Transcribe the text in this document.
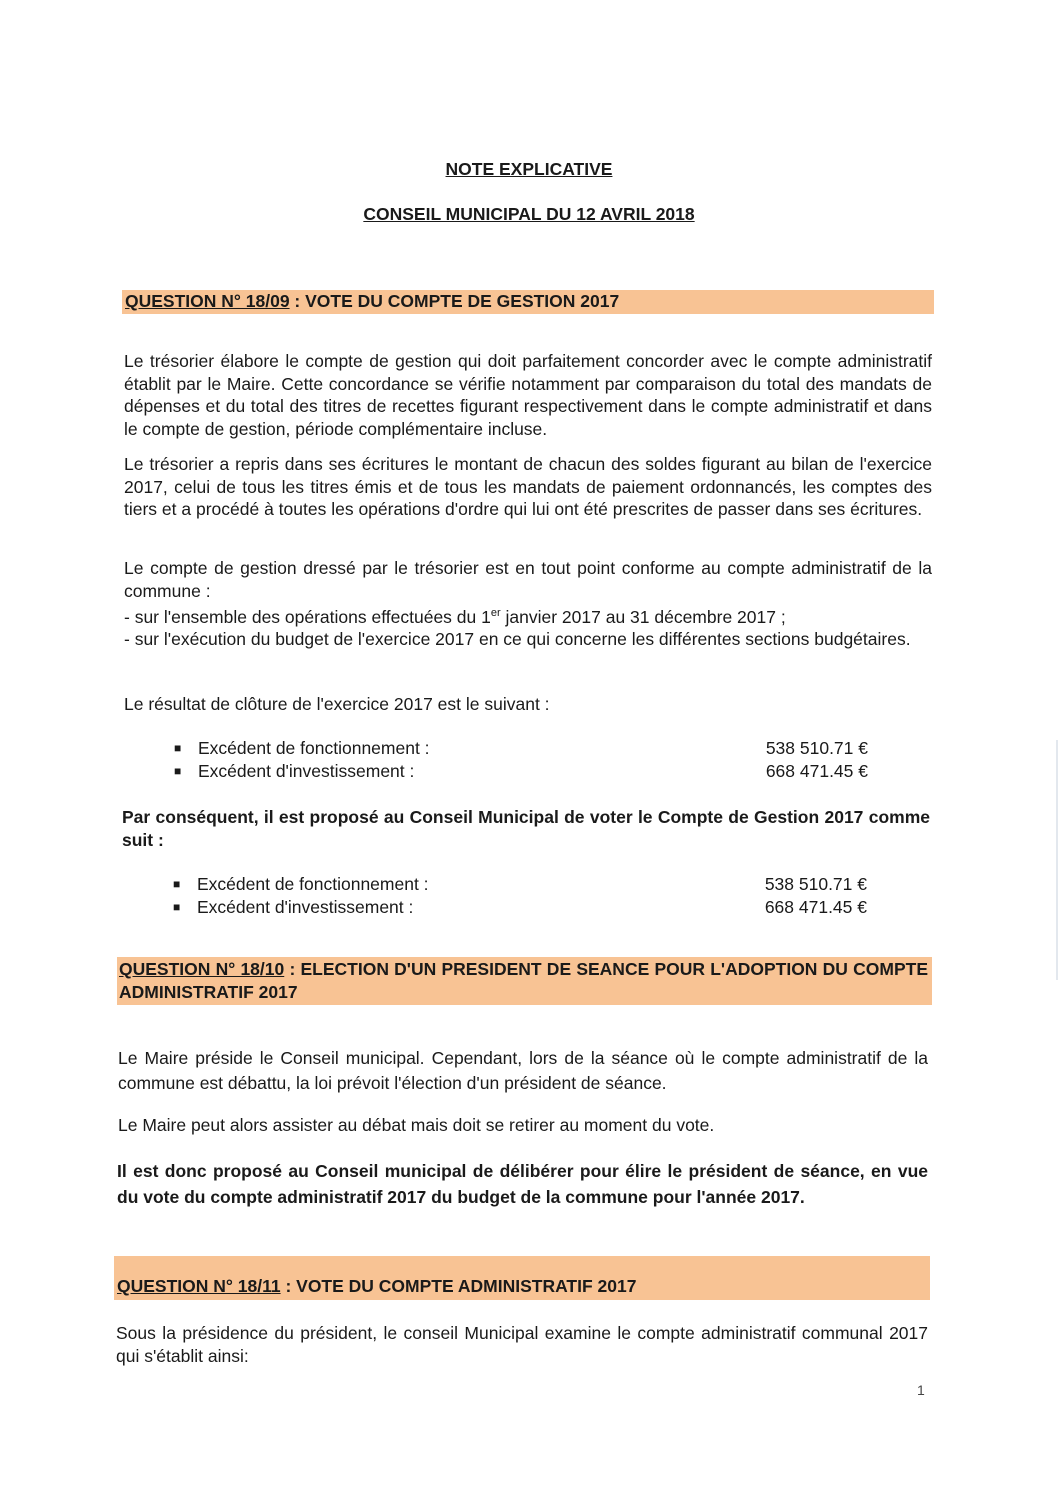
NOTE EXPLICATIVE
CONSEIL MUNICIPAL DU 12 AVRIL 2018
QUESTION N° 18/09 : VOTE DU COMPTE DE GESTION 2017

Le trésorier élabore le compte de gestion qui doit parfaitement concorder avec le compte administratif établit par le Maire. Cette concordance se vérifie notamment par comparaison du total des mandats de dépenses et du total des titres de recettes figurant respectivement dans le compte administratif et dans le compte de gestion, période complémentaire incluse.

Le trésorier a repris dans ses écritures le montant de chacun des soldes figurant au bilan de l'exercice 2017, celui de tous les titres émis et de tous les mandats de paiement ordonnancés, les comptes des tiers et a procédé à toutes les opérations d'ordre qui lui ont été prescrites de passer dans ses écritures.

Le compte de gestion dressé par le trésorier est en tout point conforme au compte administratif de la commune :

- sur l'ensemble des opérations effectuées du 1er janvier 2017 au 31 décembre 2017 ;

- sur l'exécution du budget de l'exercice 2017 en ce qui concerne les différentes sections budgétaires.

Le résultat de clôture de l'exercice 2017 est le suivant :

■ Excédent de fonctionnement :	538 510.71 €
■ Excédent d'investissement :	668 471.45 €

Par conséquent, il est proposé au Conseil Municipal de voter le Compte de Gestion 2017 comme suit :

■ Excédent de fonctionnement :	538 510.71 €
■ Excédent d'investissement :	668 471.45 €
QUESTION N° 18/10 : ELECTION D'UN PRESIDENT DE SEANCE POUR L'ADOPTION DU COMPTE ADMINISTRATIF 2017

Le Maire préside le Conseil municipal. Cependant, lors de la séance où le compte administratif de la commune est débattu, la loi prévoit l'élection d'un président de séance.

Le Maire peut alors assister au débat mais doit se retirer au moment du vote.

Il est donc proposé au Conseil municipal de délibérer pour élire le président de séance, en vue du vote du compte administratif 2017 du budget de la commune pour l'année 2017.

QUESTION N° 18/11 : VOTE DU COMPTE ADMINISTRATIF 2017

Sous la présidence du président, le conseil Municipal examine le compte administratif communal 2017 qui s'établit ainsi:

1
